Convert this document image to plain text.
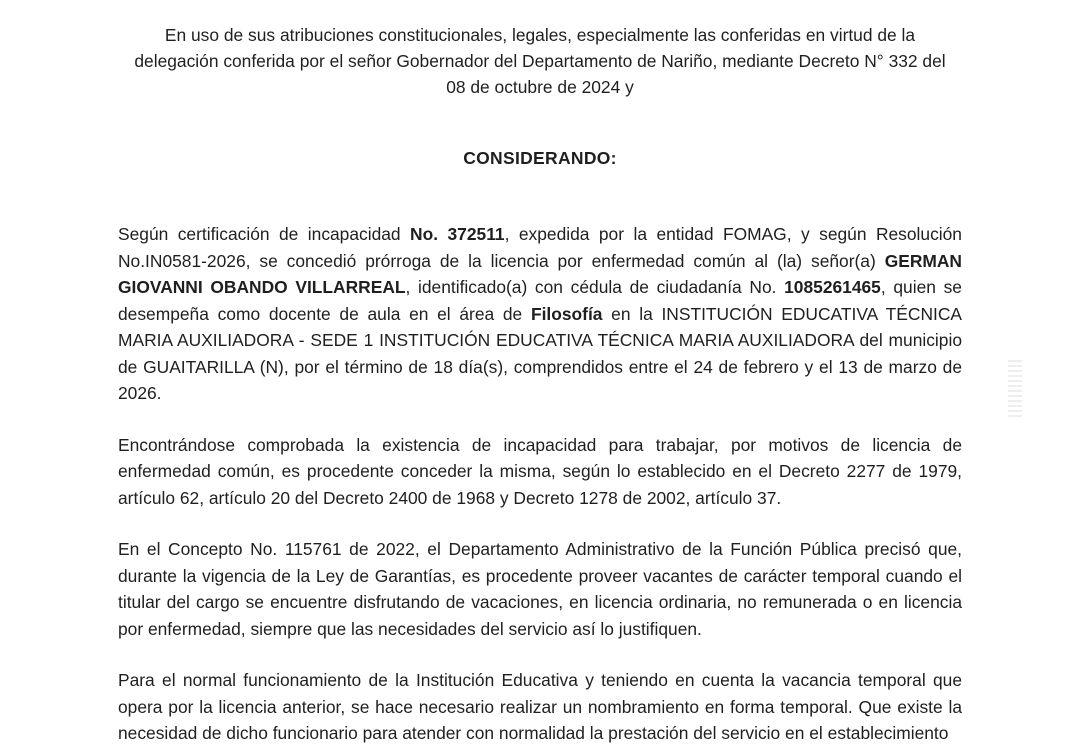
En uso de sus atribuciones constitucionales, legales, especialmente las conferidas en virtud de la delegación conferida por el señor Gobernador del Departamento de Nariño, mediante Decreto N° 332 del 08 de octubre de 2024 y

CONSIDERANDO:

Según certificación de incapacidad No. 372511, expedida por la entidad FOMAG, y según Resolución No.IN0581-2026, se concedió prórroga de la licencia por enfermedad común al (la) señor(a) GERMAN GIOVANNI OBANDO VILLARREAL, identificado(a) con cédula de ciudadanía No. 1085261465, quien se desempeña como docente de aula en el área de Filosofía en la INSTITUCIÓN EDUCATIVA TÉCNICA MARIA AUXILIADORA - SEDE 1 INSTITUCIÓN EDUCATIVA TÉCNICA MARIA AUXILIADORA del municipio de GUAITARILLA (N), por el término de 18 día(s), comprendidos entre el 24 de febrero y el 13 de marzo de 2026.

Encontrándose comprobada la existencia de incapacidad para trabajar, por motivos de licencia de enfermedad común, es procedente conceder la misma, según lo establecido en el Decreto 2277 de 1979, artículo 62, artículo 20 del Decreto 2400 de 1968 y Decreto 1278 de 2002, artículo 37.

En el Concepto No. 115761 de 2022, el Departamento Administrativo de la Función Pública precisó que, durante la vigencia de la Ley de Garantías, es procedente proveer vacantes de carácter temporal cuando el titular del cargo se encuentre disfrutando de vacaciones, en licencia ordinaria, no remunerada o en licencia por enfermedad, siempre que las necesidades del servicio así lo justifiquen.

Para el normal funcionamiento de la Institución Educativa y teniendo en cuenta la vacancia temporal que opera por la licencia anterior, se hace necesario realizar un nombramiento en forma temporal. Que existe la necesidad de dicho funcionario para atender con normalidad la prestación del servicio en el establecimiento
